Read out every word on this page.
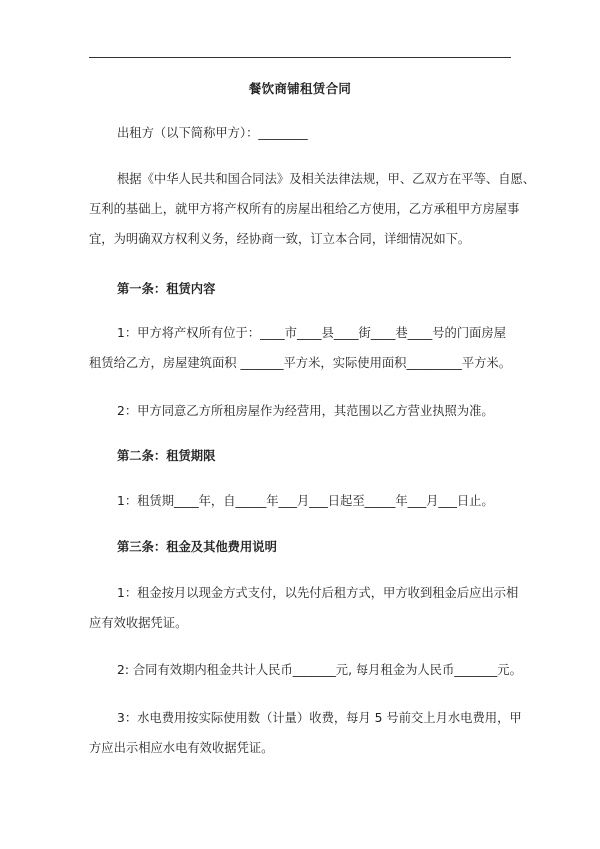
餐饮商铺租赁合同
出租方（以下简称甲方）：________
根据《中华人民共和国合同法》及相关法律法规，甲、乙双方在平等、自愿、
互利的基础上，就甲方将产权所有的房屋出租给乙方使用，乙方承租甲方房屋事
宜，为明确双方权利义务，经协商一致，订立本合同，详细情况如下。
第一条：租赁内容
1：甲方将产权所有位于：____市____县____街____巷____号的门面房屋
租赁给乙方，房屋建筑面积 _______平方米，实际使用面积_________平方米。
2：甲方同意乙方所租房屋作为经营用，其范围以乙方营业执照为准。
第二条：租赁期限
1：租赁期____年，自_____年___月___日起至_____年___月___日止。
第三条：租金及其他费用说明
1：租金按月以现金方式支付，以先付后租方式，甲方收到租金后应出示相
应有效收据凭证。
2: 合同有效期内租金共计人民币_______元, 每月租金为人民币_______元。
3：水电费用按实际使用数（计量）收费，每月 5 号前交上月水电费用，甲
方应出示相应水电有效收据凭证。
